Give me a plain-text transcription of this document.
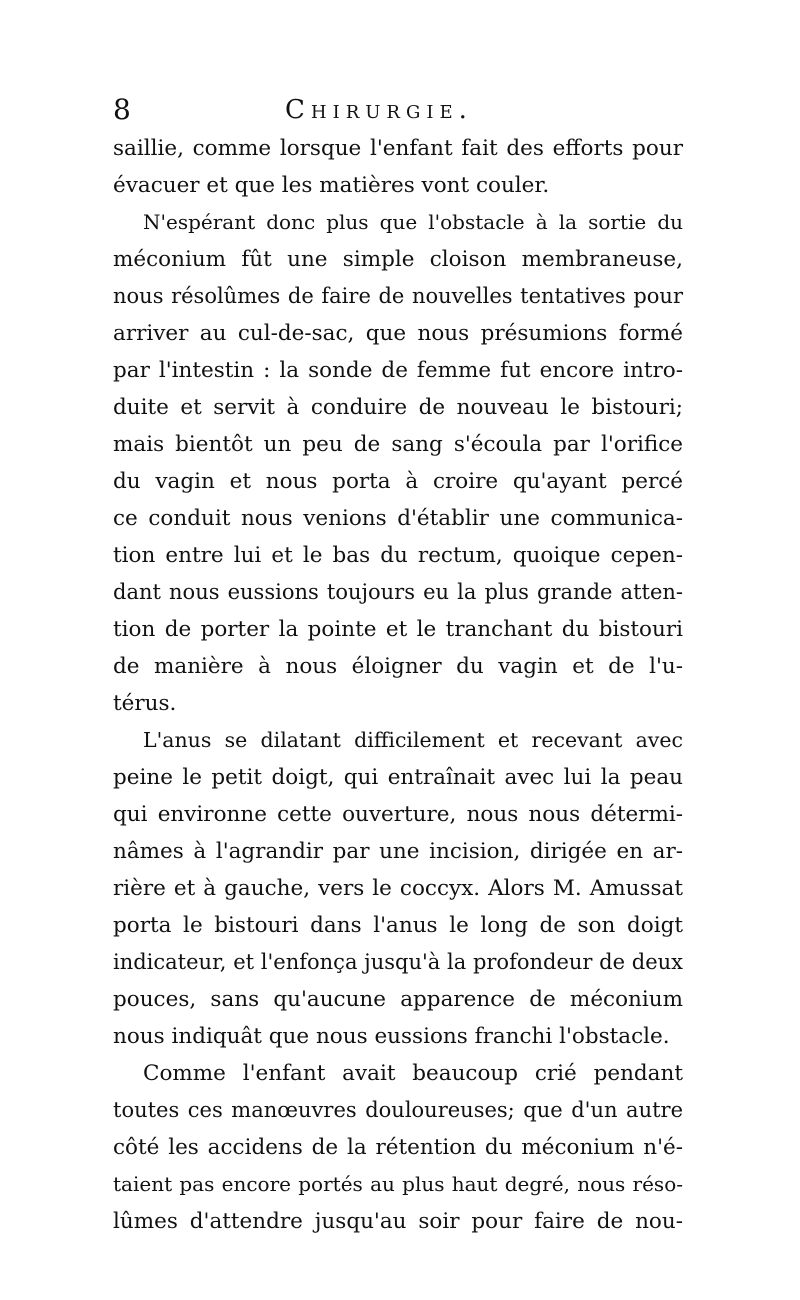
8	Chirurgie.
saillie, comme lorsque l'enfant fait des efforts pour
évacuer et que les matières vont couler.
N'espérant donc plus que l'obstacle à la sortie du
méconium fût une simple cloison membraneuse,
nous résolûmes de faire de nouvelles tentatives pour
arriver au cul-de-sac, que nous présumions formé
par l'intestin : la sonde de femme fut encore intro-
duite et servit à conduire de nouveau le bistouri;
mais bientôt un peu de sang s'écoula par l'orifice
du vagin et nous porta à croire qu'ayant percé
ce conduit nous venions d'établir une communica-
tion entre lui et le bas du rectum, quoique cepen-
dant nous eussions toujours eu la plus grande atten-
tion de porter la pointe et le tranchant du bistouri
de manière à nous éloigner du vagin et de l'u-
térus.
L'anus se dilatant difficilement et recevant avec
peine le petit doigt, qui entraînait avec lui la peau
qui environne cette ouverture, nous nous détermi-
nâmes à l'agrandir par une incision, dirigée en ar-
rière et à gauche, vers le coccyx. Alors M. Amussat
porta le bistouri dans l'anus le long de son doigt
indicateur, et l'enfonça jusqu'à la profondeur de deux
pouces, sans qu'aucune apparence de méconium
nous indiquât que nous eussions franchi l'obstacle.
Comme l'enfant avait beaucoup crié pendant
toutes ces manœuvres douloureuses; que d'un autre
côté les accidens de la rétention du méconium n'é-
taient pas encore portés au plus haut degré, nous réso-
lûmes d'attendre jusqu'au soir pour faire de nou-
